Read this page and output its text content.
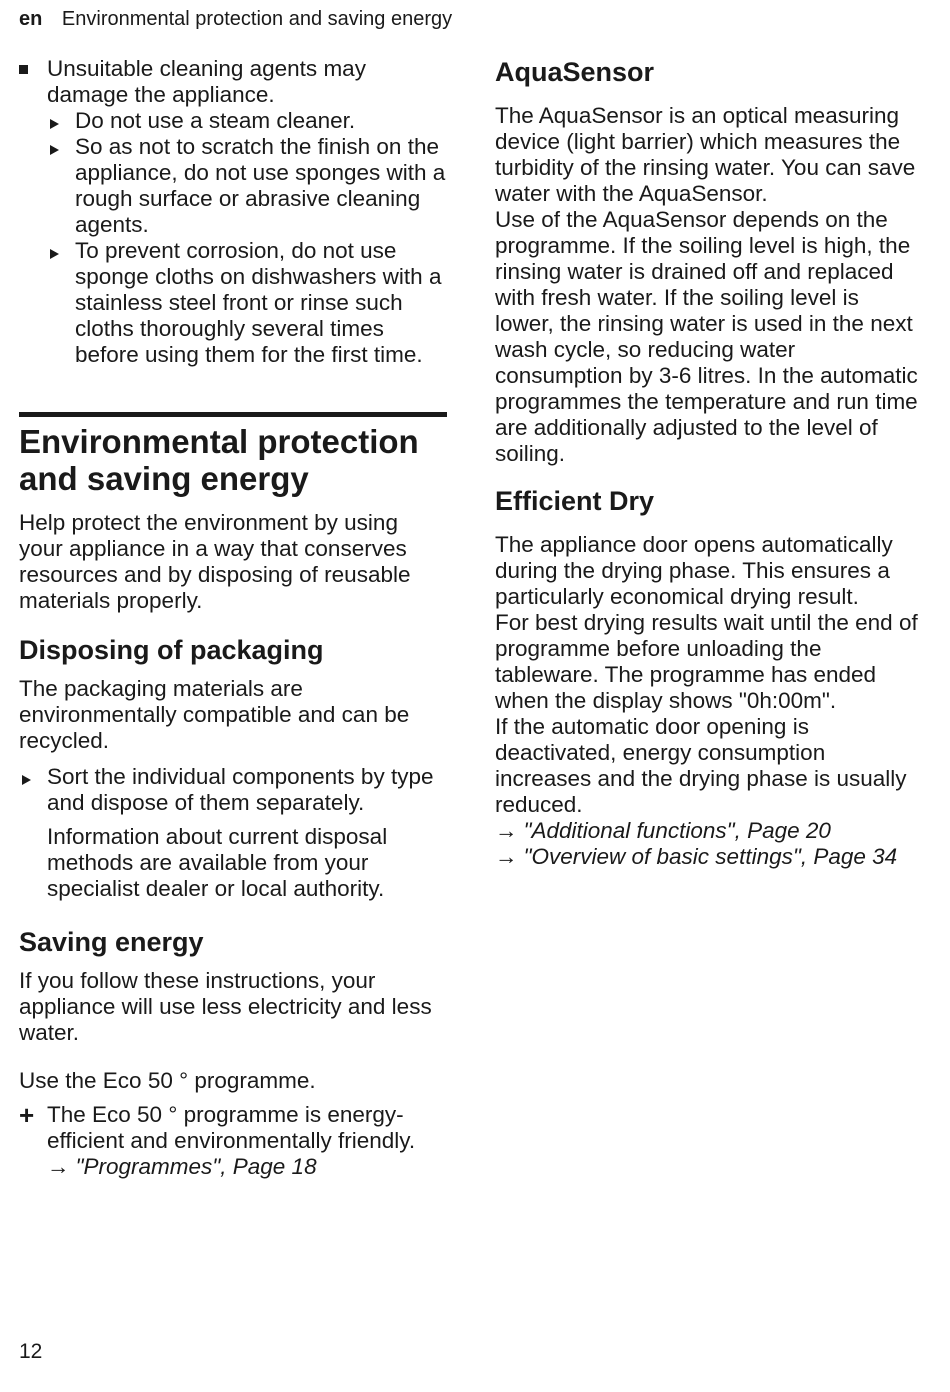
en Environmental protection and saving energy

Unsuitable cleaning agents may damage the appliance.

Do not use a steam cleaner.

So as not to scratch the finish on the appliance, do not use sponges with a rough surface or abrasive cleaning agents.

To prevent corrosion, do not use sponge cloths on dishwashers with a stainless steel front or rinse such cloths thoroughly several times before using them for the first time.

Environmental protection and saving energy

Help protect the environment by using your appliance in a way that conserves resources and by disposing of reusable materials properly.

Disposing of packaging

The packaging materials are environmentally compatible and can be recycled.

Sort the individual components by type and dispose of them separately.

Information about current disposal methods are available from your specialist dealer or local authority.

Saving energy

If you follow these instructions, your appliance will use less electricity and less water.

Use the Eco 50 ° programme.

+ The Eco 50 ° programme is energy-efficient and environmentally friendly.

→ "Programmes", Page 18

AquaSensor

The AquaSensor is an optical measuring device (light barrier) which measures the turbidity of the rinsing water. You can save water with the AquaSensor.

Use of the AquaSensor depends on the programme. If the soiling level is high, the rinsing water is drained off and replaced with fresh water. If the soiling level is lower, the rinsing water is used in the next wash cycle, so reducing water consumption by 3-6 litres. In the automatic programmes the temperature and run time are additionally adjusted to the level of soiling.

Efficient Dry

The appliance door opens automatically during the drying phase. This ensures a particularly economical drying result.

For best drying results wait until the end of programme before unloading the tableware. The programme has ended when the display shows "0h:00m".

If the automatic door opening is deactivated, energy consumption increases and the drying phase is usually reduced.

→ "Additional functions", Page 20

→ "Overview of basic settings", Page 34

12
